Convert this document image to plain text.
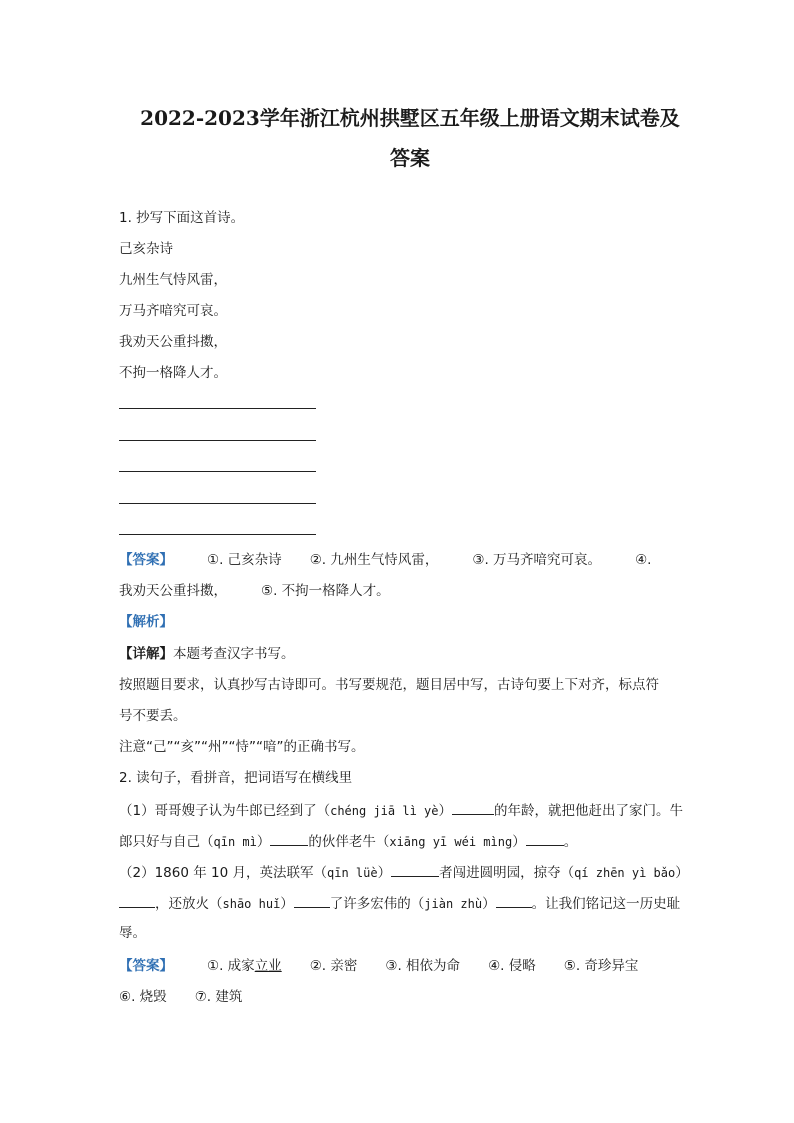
2022-2023学年浙江杭州拱墅区五年级上册语文期末试卷及
答案
1. 抄写下面这首诗。
己亥杂诗
九州生气恃风雷，
万马齐喑究可哀。
我劝天公重抖擞，
不拘一格降人才。
【答案】	①. 己亥杂诗 ②. 九州生气恃风雷，	③. 万马齐喑究可哀。	④.
我劝天公重抖擞，	⑤. 不拘一格降人才。
【解析】
【详解】本题考查汉字书写。
按照题目要求，认真抄写古诗即可。书写要规范，题目居中写，古诗句要上下对齐，标点符
号不要丢。
注意“己”“亥”“州”“恃”“喑”的正确书写。
2. 读句子，看拼音，把词语写在横线里
（1）哥哥嫂子认为牛郎已经到了（chéng jiā lì yè）	的年龄，就把他赶出了家门。牛
郎只好与自己（qīn mì）	的伙伴老牛（xiāng yī wéi mìng）	。
（2）1860 年 10 月，英法联军（qīn lüè）	者闯进圆明园，掠夺（qí zhēn yì bǎo）
，还放火（shāo huǐ）	了许多宏伟的（jiàn zhù）	。让我们铭记这一历史耻
辱。
【答案】	①. 成家立业 ②. 亲密 ③. 相依为命 ④. 侵略 ⑤. 奇珍异宝
⑥. 烧毁 ⑦. 建筑
